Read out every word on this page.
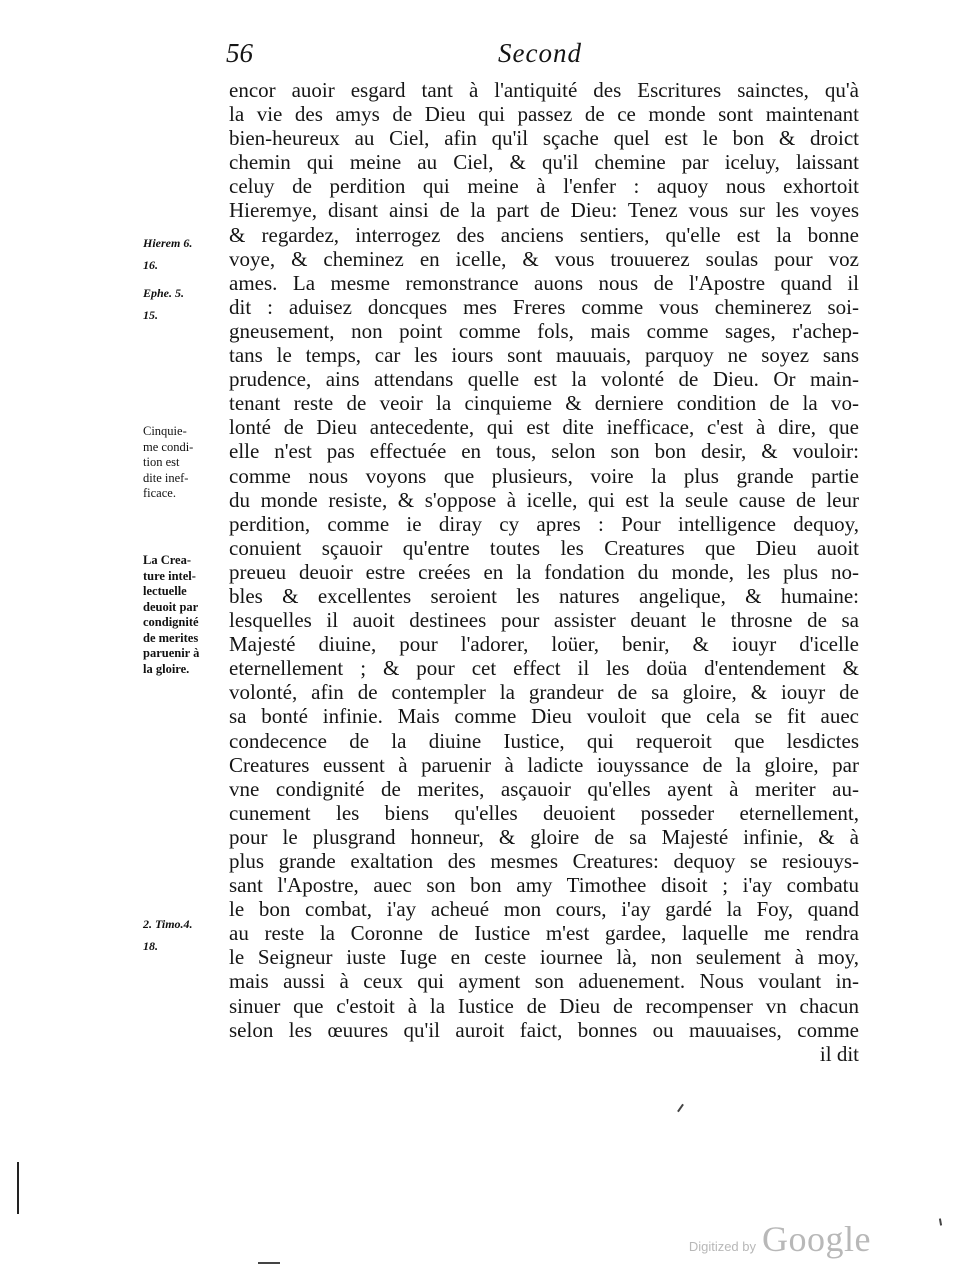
56	Second
encor auoir esgard tant à l'antiquité des Escritures sainctes, qu'à
la vie des amys de Dieu qui passez de ce monde sont maintenant
bien-heureux au Ciel, afin qu'il sçache quel est le bon & droict
chemin qui meine au Ciel, & qu'il chemine par iceluy, laissant
celuy de perdition qui meine à l'enfer : aquoy nous exhortoit
Hieremye, disant ainsi de la part de Dieu: Tenez vous sur les voyes
& regardez, interrogez des anciens sentiers, qu'elle est la bonne
voye, & cheminez en icelle, & vous trouuerez soulas pour voz
ames. La mesme remonstrance auons nous de l'Apostre quand il
dit : aduisez doncques mes Freres comme vous cheminerez soi-
gneusement, non point comme fols, mais comme sages, r'achep-
tans le temps, car les iours sont mauuais, parquoy ne soyez sans
prudence, ains attendans quelle est la volonté de Dieu. Or main-
tenant reste de veoir la cinquieme & derniere condition de la vo-
lonté de Dieu antecedente, qui est dite inefficace, c'est à dire, que
elle n'est pas effectuée en tous, selon son bon desir, & vouloir:
comme nous voyons que plusieurs, voire la plus grande partie
du monde resiste, & s'oppose à icelle, qui est la seule cause de leur
perdition, comme ie diray cy apres : Pour intelligence dequoy,
conuient sçauoir qu'entre toutes les Creatures que Dieu auoit
preueu deuoir estre creées en la fondation du monde, les plus no-
bles & excellentes seroient les natures angelique, & humaine:
lesquelles il auoit destinees pour assister deuant le throsne de sa
Majesté diuine, pour l'adorer, loüer, benir, & iouyr d'icelle
eternellement ; & pour cet effect il les doüa d'entendement &
volonté, afin de contempler la grandeur de sa gloire, & iouyr de
sa bonté infinie. Mais comme Dieu vouloit que cela se fit auec
condecence de la diuine Iustice, qui requeroit que lesdictes
Creatures eussent à paruenir à ladicte iouyssance de la gloire, par
vne condignité de merites, asçauoir qu'elles ayent à meriter au-
cunement les biens qu'elles deuoient posseder eternellement,
pour le plusgrand honneur, & gloire de sa Majesté infinie, & à
plus grande exaltation des mesmes Creatures: dequoy se resiouys-
sant l'Apostre, auec son bon amy Timothee disoit ; i'ay combatu
le bon combat, i'ay acheué mon cours, i'ay gardé la Foy, quand
au reste la Coronne de Iustice m'est gardee, laquelle me rendra
le Seigneur iuste Iuge en ceste iournee là, non seulement à moy,
mais aussi à ceux qui ayment son aduenement. Nous voulant in-
sinuer que c'estoit à la Iustice de Dieu de recompenser vn chacun
selon les œuures qu'il auroit faict, bonnes ou mauuaises, comme
il dit
Hierem 6.
16.
Ephe. 5.
15.
Cinquie-
me condi-
tion est
dite inef-
ficace.
La Crea-
ture intel-
lectuelle
deuoit par
condignité
de merites
paruenir à
la gloire.
2. Timo.4.
18.
Digitized by Google
